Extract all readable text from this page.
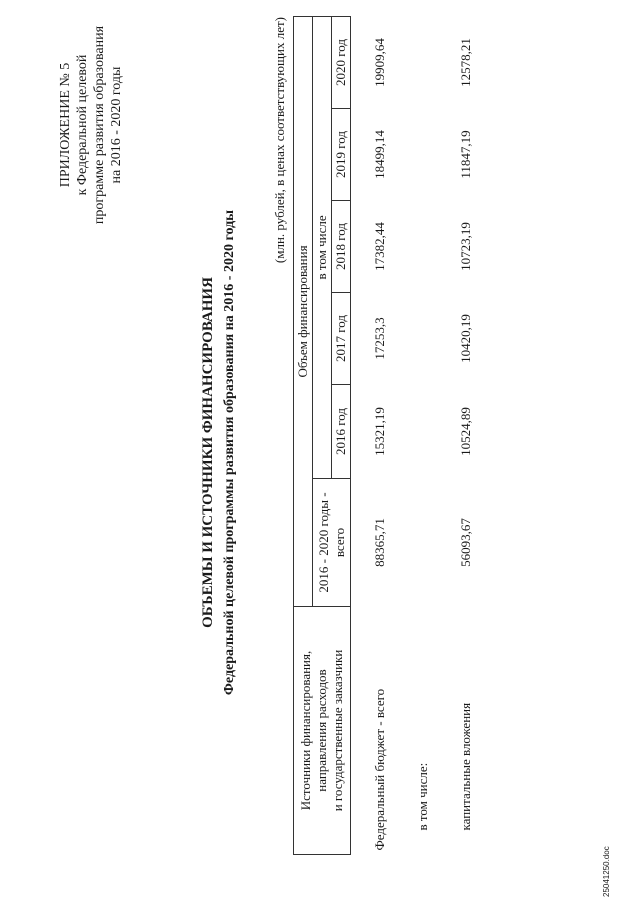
ПРИЛОЖЕНИЕ № 5 к Федеральной целевой программе развития образования на 2016 - 2020 годы
ОБЪЕМЫ И ИСТОЧНИКИ ФИНАНСИРОВАНИЯ Федеральной целевой программы развития образования на 2016 - 2020 годы
(млн. рублей, в ценах соответствующих лет)
Источники финансирования, направления расходов и государственные заказчики	Объем финансирования					

	2016 - 2020 годы - всего	в том числе				
		2016 год	2017 год	2018 год	2019 год	2020 год
Федеральный бюджет - всего	88365,71	15321,19	17253,3	17382,44	18499,14	19909,64
в том числе:						
капитальные вложения	56093,67	10524,89	10420,19	10723,19	11847,19	12578,21
25041250.doc
